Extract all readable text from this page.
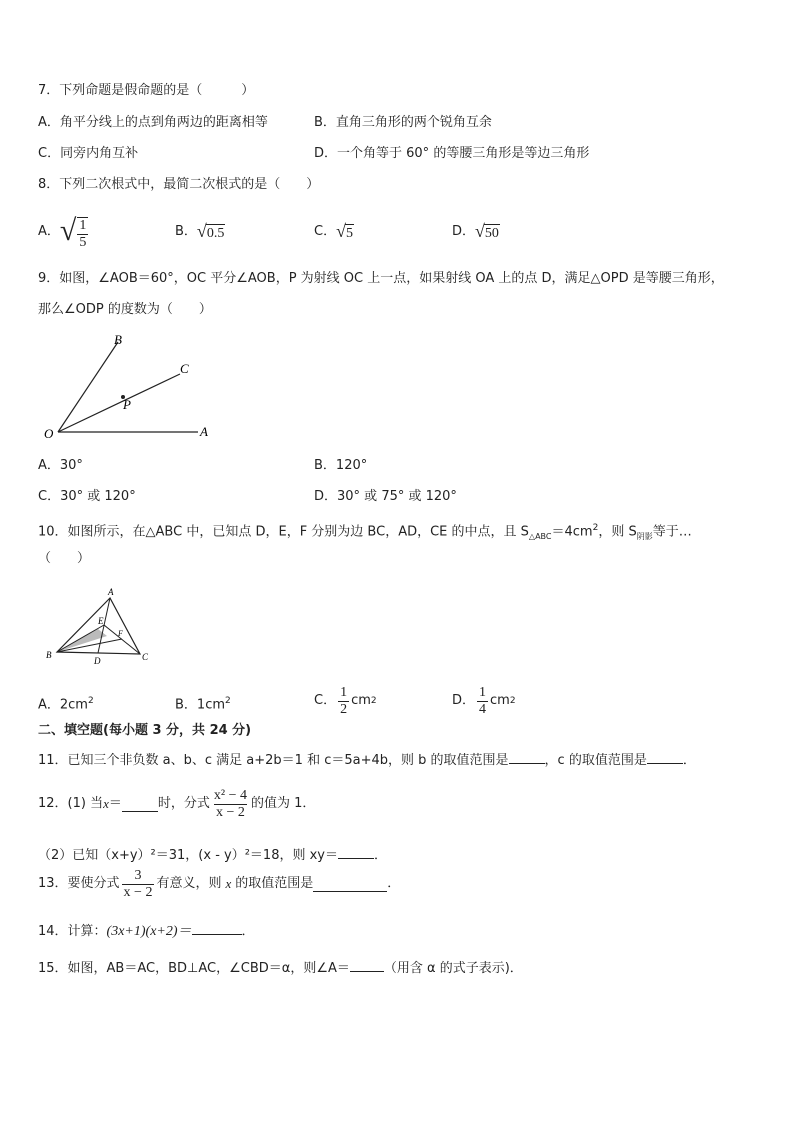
7．下列命题是假命题的是（　　　）
A．角平分线上的点到角两边的距离相等	B．直角三角形的两个锐角互余
C．同旁内角互补	D．一个角等于 60° 的等腰三角形是等边三角形
8．下列二次根式中，最简二次根式的是（　　）
A． √ $\frac{1}{5}$	B． √ 0.5	C． √ 5	D． √ 50
9．如图，∠AOB＝60°，OC 平分∠AOB，P 为射线 OC 上一点，如果射线 OA 上的点 D，满足△OPD 是等腰三角形，
那么∠ODP 的度数为（　　）
B
C
P
O	A
A．30°	B．120°
C．30° 或 120°	D．30° 或 75° 或 120°
10．如图所示，在△ABC 中，已知点 D，E，F 分别为边 BC，AD，CE 的中点，且 $S_{\triangle ABC}=4cm^2$，则 $S_{阴影}$等于…
（　　）
A
B	C
D
E
F
A．$2cm^2$	B．$1cm^2$	C． $\frac{1}{2}$ cm 2	D． $\frac{1}{4}$ cm 2
二、填空题(每小题 3 分，共 24 分)
11．已知三个非负数 a、b、c 满足 a+2b＝1 和 c＝5a+4b，则 b 的取值范围是	，c 的取值范围是	．
12．(1) 当 x ＝	时，分式 $\frac{\text{x² − 4}}{x - 2}$ 的值为 1．
（2）已知（x+y）²＝31，(x - y）²＝18，则 xy＝	．
13．要使分式 $\frac{3}{x - 2}$ 有意义，则 x 的取值范围是	．
14．计算：(3x+1)(x+2)＝	．
15．如图，AB＝AC，BD⊥AC，∠CBD＝α，则∠A＝	（用含 α 的式子表示)．
